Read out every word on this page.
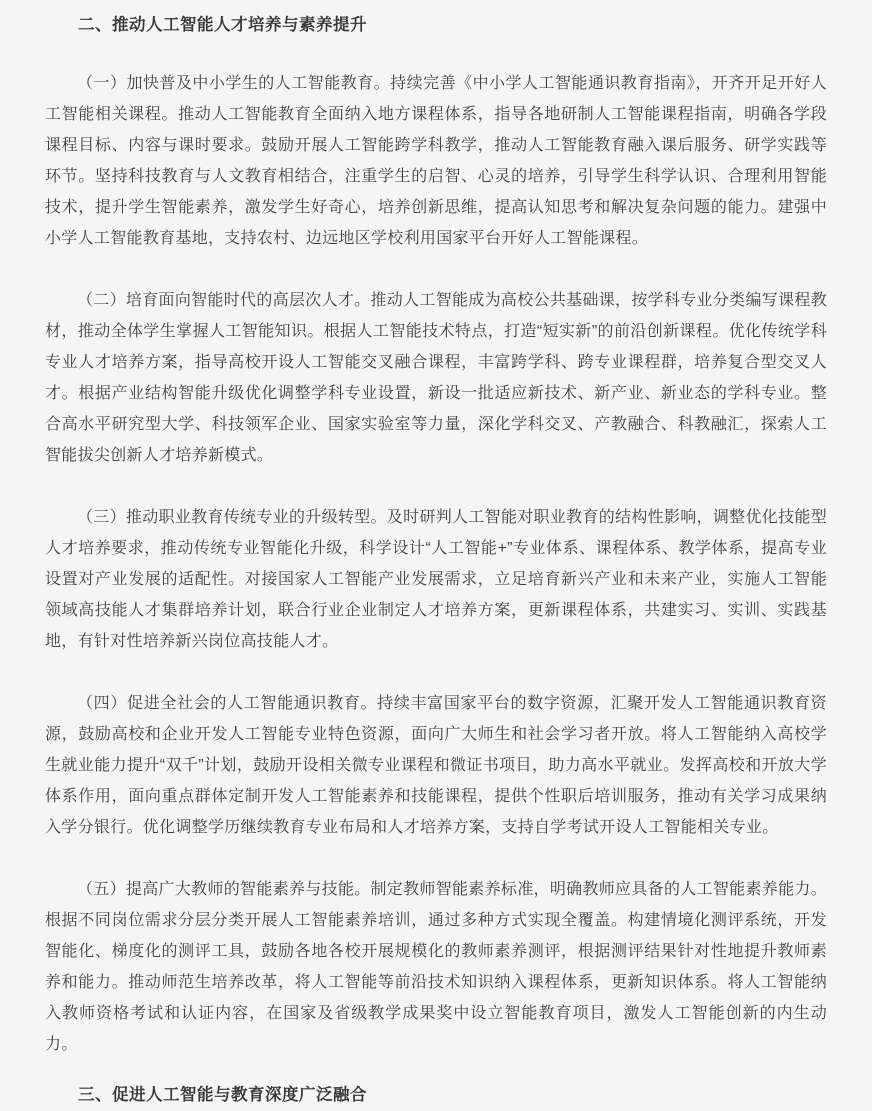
二、推动人工智能人才培养与素养提升

（一）加快普及中小学生的人工智能教育。持续完善《中小学人工智能通识教育指南》，开齐开足开好人工智能相关课程。推动人工智能教育全面纳入地方课程体系，指导各地研制人工智能课程指南，明确各学段课程目标、内容与课时要求。鼓励开展人工智能跨学科教学，推动人工智能教育融入课后服务、研学实践等环节。坚持科技教育与人文教育相结合，注重学生的启智、心灵的培养，引导学生科学认识、合理利用智能技术，提升学生智能素养，激发学生好奇心，培养创新思维，提高认知思考和解决复杂问题的能力。建强中小学人工智能教育基地，支持农村、边远地区学校利用国家平台开好人工智能课程。

（二）培育面向智能时代的高层次人才。推动人工智能成为高校公共基础课，按学科专业分类编写课程教材，推动全体学生掌握人工智能知识。根据人工智能技术特点，打造“短实新”的前沿创新课程。优化传统学科专业人才培养方案，指导高校开设人工智能交叉融合课程，丰富跨学科、跨专业课程群，培养复合型交叉人才。根据产业结构智能升级优化调整学科专业设置，新设一批适应新技术、新产业、新业态的学科专业。整合高水平研究型大学、科技领军企业、国家实验室等力量，深化学科交叉、产教融合、科教融汇，探索人工智能拔尖创新人才培养新模式。

（三）推动职业教育传统专业的升级转型。及时研判人工智能对职业教育的结构性影响，调整优化技能型人才培养要求，推动传统专业智能化升级，科学设计“人工智能+”专业体系、课程体系、教学体系，提高专业设置对产业发展的适配性。对接国家人工智能产业发展需求，立足培育新兴产业和未来产业，实施人工智能领域高技能人才集群培养计划，联合行业企业制定人才培养方案，更新课程体系，共建实习、实训、实践基地，有针对性培养新兴岗位高技能人才。

（四）促进全社会的人工智能通识教育。持续丰富国家平台的数字资源，汇聚开发人工智能通识教育资源，鼓励高校和企业开发人工智能专业特色资源，面向广大师生和社会学习者开放。将人工智能纳入高校学生就业能力提升“双千”计划，鼓励开设相关微专业课程和微证书项目，助力高水平就业。发挥高校和开放大学体系作用，面向重点群体定制开发人工智能素养和技能课程，提供个性职后培训服务，推动有关学习成果纳入学分银行。优化调整学历继续教育专业布局和人才培养方案，支持自学考试开设人工智能相关专业。

（五）提高广大教师的智能素养与技能。制定教师智能素养标准，明确教师应具备的人工智能素养能力。根据不同岗位需求分层分类开展人工智能素养培训，通过多种方式实现全覆盖。构建情境化测评系统，开发智能化、梯度化的测评工具，鼓励各地各校开展规模化的教师素养测评，根据测评结果针对性地提升教师素养和能力。推动师范生培养改革，将人工智能等前沿技术知识纳入课程体系，更新知识体系。将人工智能纳入教师资格考试和认证内容，在国家及省级教学成果奖中设立智能教育项目，激发人工智能创新的内生动力。

三、促进人工智能与教育深度广泛融合
